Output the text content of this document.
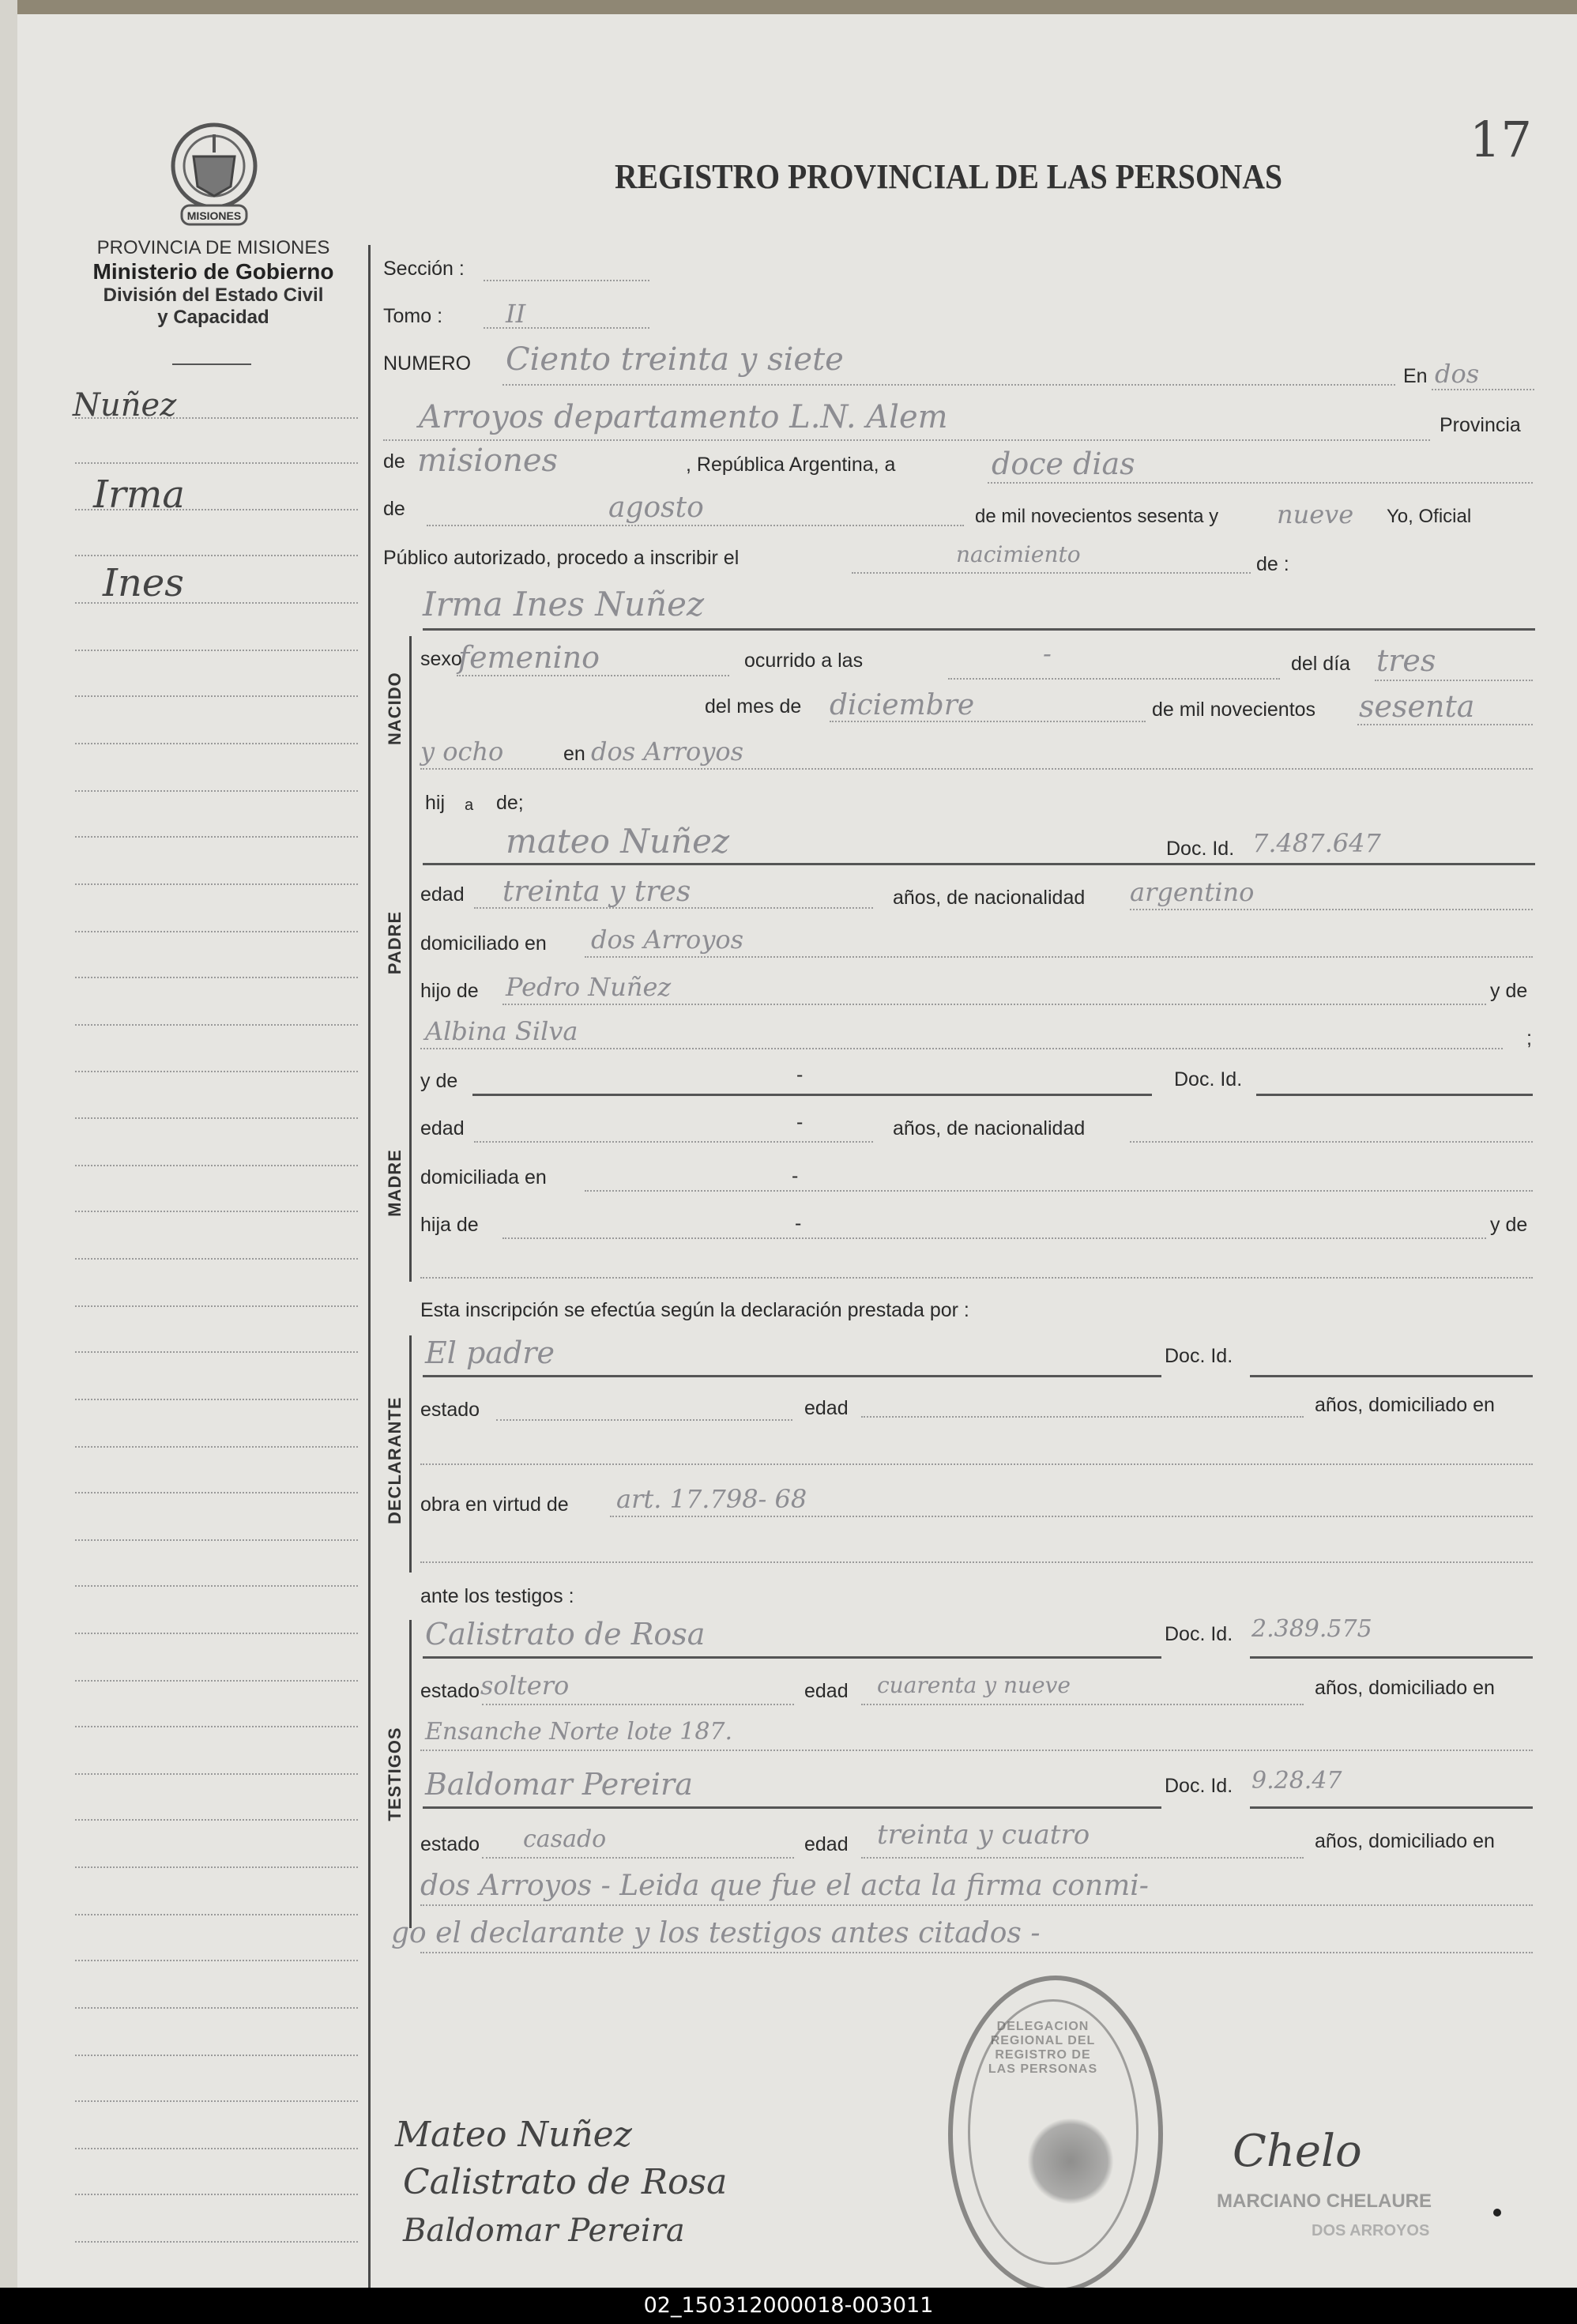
17
MISIONES
PROVINCIA DE MISIONES
Ministerio de Gobierno
División del Estado Civil
y Capacidad
REGISTRO PROVINCIAL DE LAS PERSONAS
Nuñez
Irma
Ines
Sección :
Tomo : II
NUMERO Ciento treinta y siete	En dos
Arroyos departamento L.N. Alem	Provincia
de misiones	, República Argentina, a	doce dias
de	agosto	de mil novecientos sesenta y nueve Yo, Oficial
Público autorizado, procedo a inscribir el	nacimiento	de :
Irma Ines Nuñez
NACIDO
sexo
femenino	ocurrido a las	-	del día tres
del mes de diciembre	de mil novecientos sesenta
y ocho	en dos Arroyos
hij a de;
PADRE
mateo Nuñez	Doc. Id. 7.487.647
edad treinta y tres	años, de nacionalidad argentino
domiciliado en dos Arroyos
hijo de Pedro Nuñez	y de
Albina Silva	;
MADRE
y de	-	Doc. Id.
edad	-	años, de nacionalidad
domiciliada en	-
hija de	-	y de
Esta inscripción se efectúa según la declaración prestada por :
DECLARANTE
El padre	Doc. Id.
estado	edad	años, domiciliado en
obra en virtud de art. 17.798- 68
ante los testigos :
TESTIGOS
Calistrato de Rosa	Doc. Id. 2.389.575
estado soltero	edad cuarenta y nueve	años, domiciliado en
Ensanche Norte lote 187.
Baldomar Pereira	Doc. Id. 9.28.47
estado casado	edad treinta y cuatro	años, domiciliado en
dos Arroyos - Leida que fue el acta la firma conmi-
go el declarante y los testigos antes citados -
Mateo Nuñez
Calistrato de Rosa
Baldomar Pereira
DELEGACION REGIONAL DEL REGISTRO DE LAS PERSONAS
Chelo
MARCIANO CHELAURE
DOS ARROYOS
02_150312000018-003011
